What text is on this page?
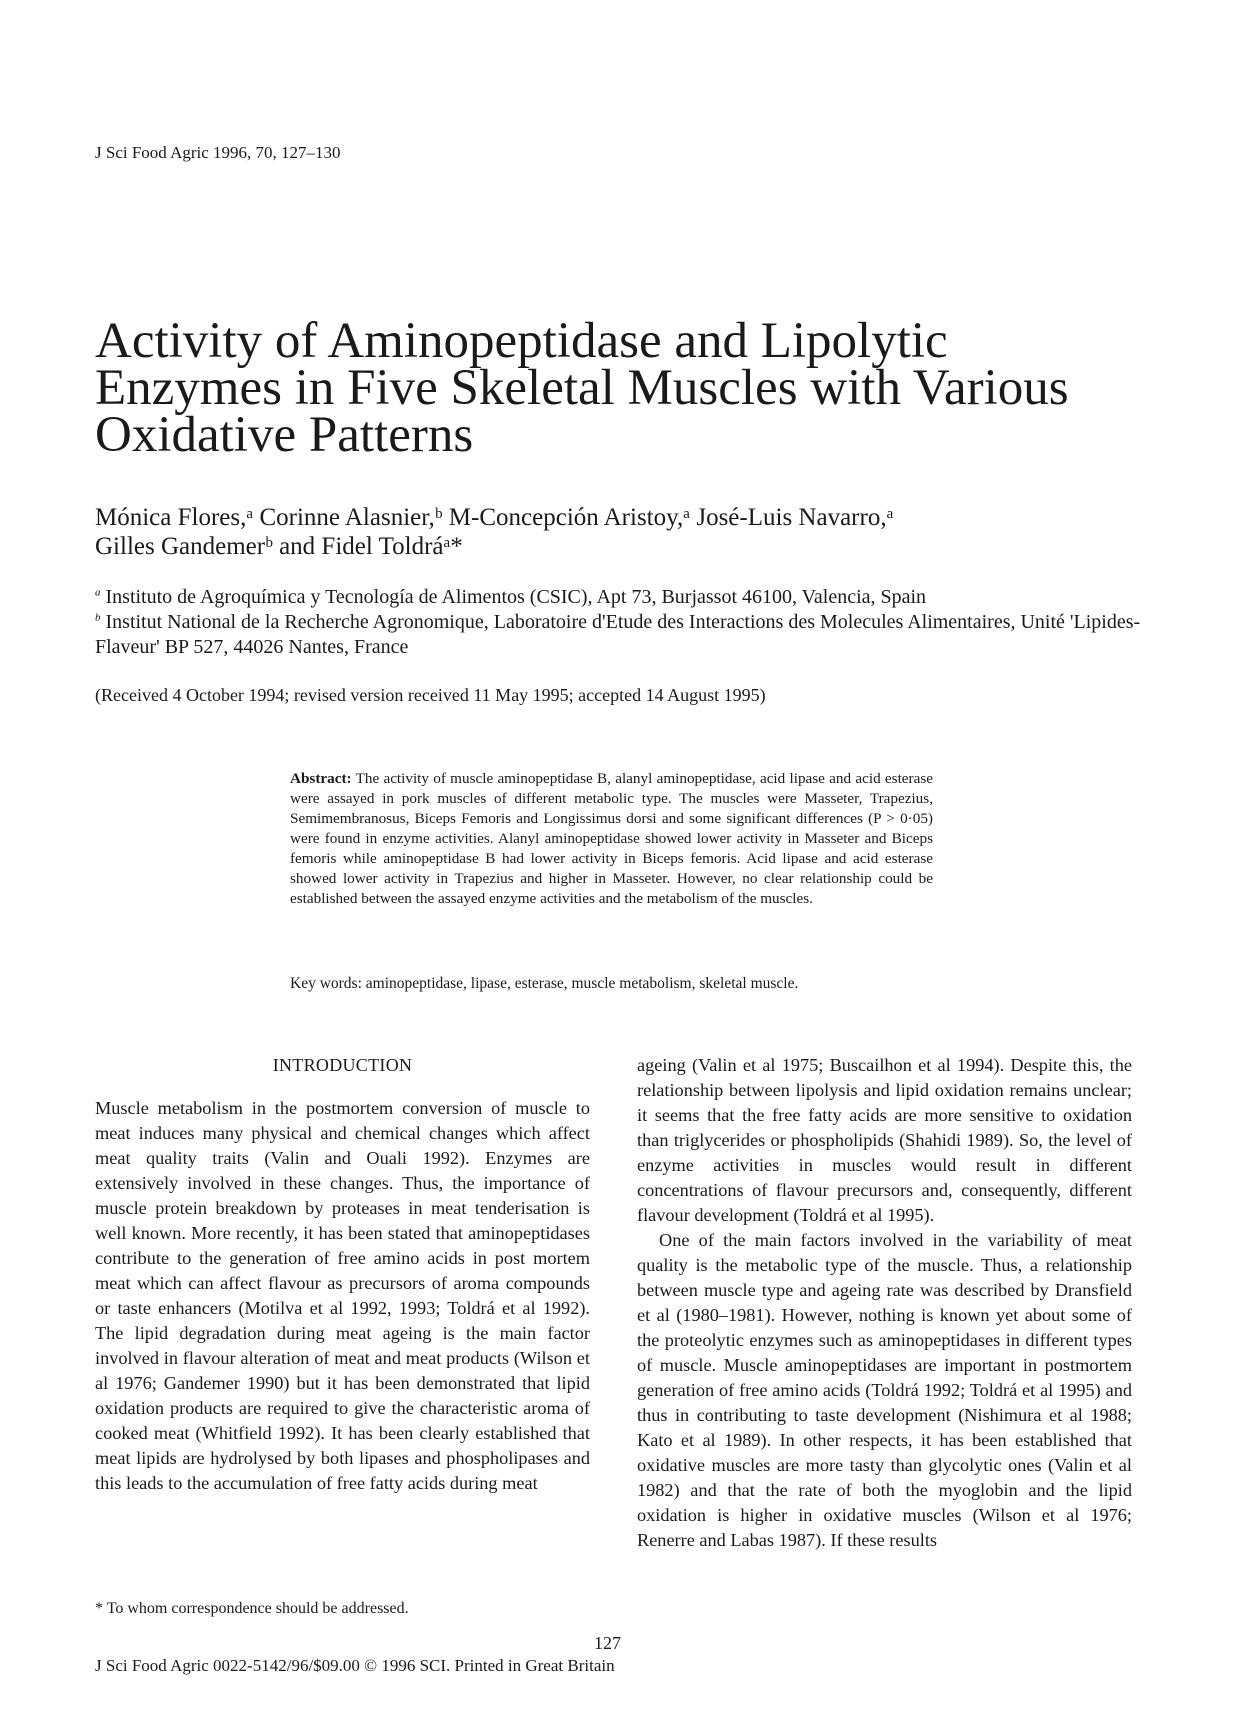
J Sci Food Agric 1996, 70, 127–130
Activity of Aminopeptidase and Lipolytic
Enzymes in Five Skeletal Muscles with Various
Oxidative Patterns
Mónica Flores,ᵃ Corinne Alasnier,ᵇ M-Concepción Aristoy,ᵃ José-Luis Navarro,ᵃ
Gilles Gandemerᵇ and Fidel Toldráᵃ*

$^a$ Instituto de Agroquímica y Tecnología de Alimentos (CSIC), Apt 73, Burjassot 46100, Valencia, Spain

$^b$ Institut National de la Recherche Agronomique, Laboratoire d'Etude des Interactions des Molecules Alimentaires, Unité 'Lipides-Flaveur' BP 527, 44026 Nantes, France

(Received 4 October 1994; revised version received 11 May 1995; accepted 14 August 1995)
Abstract: The activity of muscle aminopeptidase B, alanyl aminopeptidase, acid lipase and acid esterase were assayed in pork muscles of different metabolic type. The muscles were Masseter, Trapezius, Semimembranosus, Biceps Femoris and Longissimus dorsi and some significant differences (P > 0·05) were found in enzyme activities. Alanyl aminopeptidase showed lower activity in Masseter and Biceps femoris while aminopeptidase B had lower activity in Biceps femoris. Acid lipase and acid esterase showed lower activity in Trapezius and higher in Masseter. However, no clear relationship could be established between the assayed enzyme activities and the metabolism of the muscles.
Key words: aminopeptidase, lipase, esterase, muscle metabolism, skeletal muscle.
INTRODUCTION

Muscle metabolism in the postmortem conversion of muscle to meat induces many physical and chemical changes which affect meat quality traits (Valin and Ouali 1992). Enzymes are extensively involved in these changes. Thus, the importance of muscle protein breakdown by proteases in meat tenderisation is well known. More recently, it has been stated that aminopeptidases contribute to the generation of free amino acids in post mortem meat which can affect flavour as precursors of aroma compounds or taste enhancers (Motilva et al 1992, 1993; Toldrá et al 1992). The lipid degradation during meat ageing is the main factor involved in flavour alteration of meat and meat products (Wilson et al 1976; Gandemer 1990) but it has been demonstrated that lipid oxidation products are required to give the characteristic aroma of cooked meat (Whitfield 1992). It has been clearly established that meat lipids are hydrolysed by both lipases and phospholipases and this leads to the accumulation of free fatty acids during meat

ageing (Valin et al 1975; Buscailhon et al 1994). Despite this, the relationship between lipolysis and lipid oxidation remains unclear; it seems that the free fatty acids are more sensitive to oxidation than triglycerides or phospholipids (Shahidi 1989). So, the level of enzyme activities in muscles would result in different concentrations of flavour precursors and, consequently, different flavour development (Toldrá et al 1995).

One of the main factors involved in the variability of meat quality is the metabolic type of the muscle. Thus, a relationship between muscle type and ageing rate was described by Dransfield et al (1980–1981). However, nothing is known yet about some of the proteolytic enzymes such as aminopeptidases in different types of muscle. Muscle aminopeptidases are important in postmortem generation of free amino acids (Toldrá 1992; Toldrá et al 1995) and thus in contributing to taste development (Nishimura et al 1988; Kato et al 1989). In other respects, it has been established that oxidative muscles are more tasty than glycolytic ones (Valin et al 1982) and that the rate of both the myoglobin and the lipid oxidation is higher in oxidative muscles (Wilson et al 1976; Renerre and Labas 1987). If these results

* To whom correspondence should be addressed.
127
J Sci Food Agric 0022-5142/96/$09.00 © 1996 SCI. Printed in Great Britain
